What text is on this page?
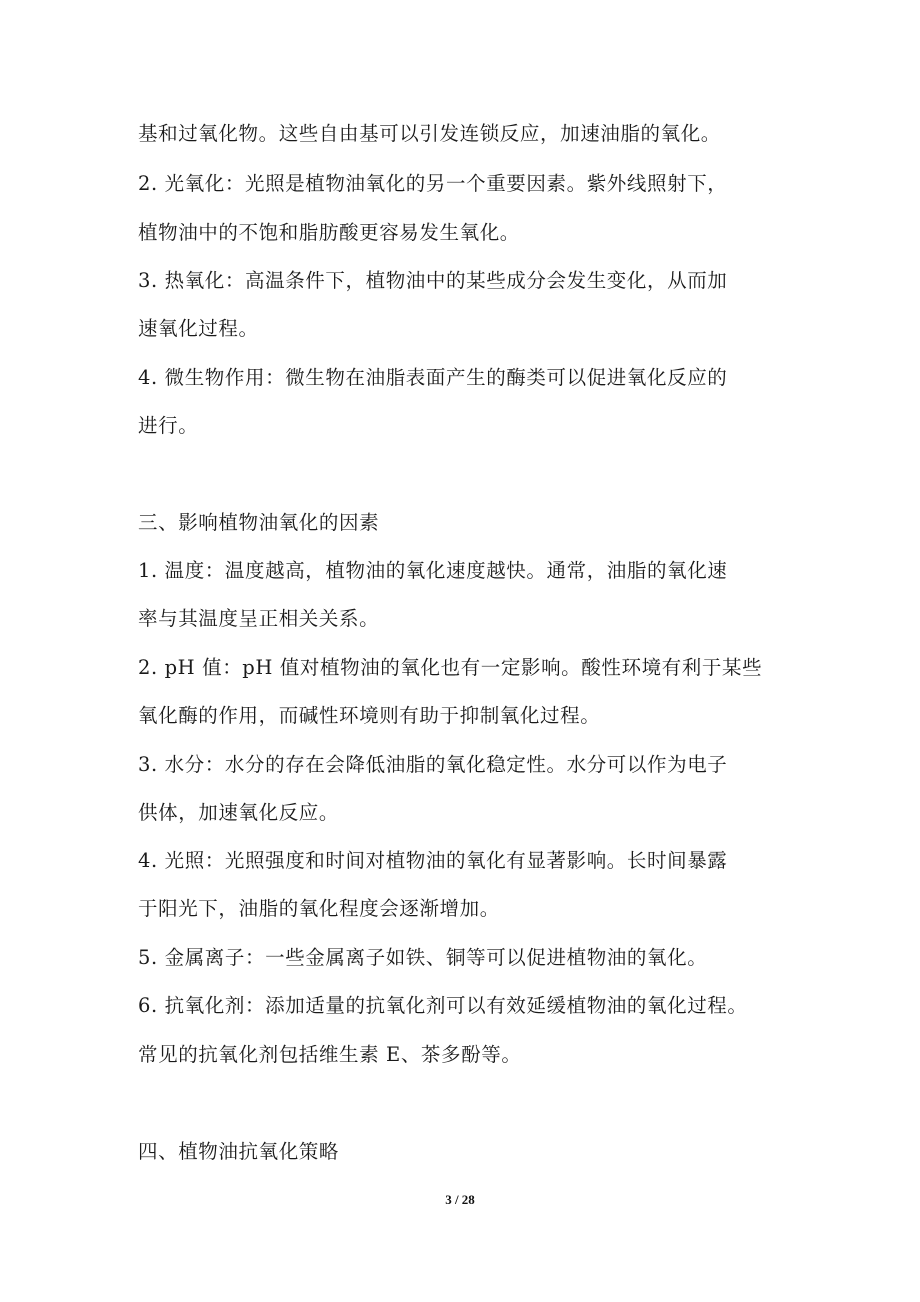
基和过氧化物。这些自由基可以引发连锁反应，加速油脂的氧化。
2. 光氧化：光照是植物油氧化的另一个重要因素。紫外线照射下，
植物油中的不饱和脂肪酸更容易发生氧化。
3. 热氧化：高温条件下，植物油中的某些成分会发生变化，从而加
速氧化过程。
4. 微生物作用：微生物在油脂表面产生的酶类可以促进氧化反应的
进行。
三、影响植物油氧化的因素
1. 温度：温度越高，植物油的氧化速度越快。通常，油脂的氧化速
率与其温度呈正相关关系。
2. pH 值：pH 值对植物油的氧化也有一定影响。酸性环境有利于某些
氧化酶的作用，而碱性环境则有助于抑制氧化过程。
3. 水分：水分的存在会降低油脂的氧化稳定性。水分可以作为电子
供体，加速氧化反应。
4. 光照：光照强度和时间对植物油的氧化有显著影响。长时间暴露
于阳光下，油脂的氧化程度会逐渐增加。
5. 金属离子：一些金属离子如铁、铜等可以促进植物油的氧化。
6. 抗氧化剂：添加适量的抗氧化剂可以有效延缓植物油的氧化过程。
常见的抗氧化剂包括维生素 E、茶多酚等。
四、植物油抗氧化策略
3 / 28
